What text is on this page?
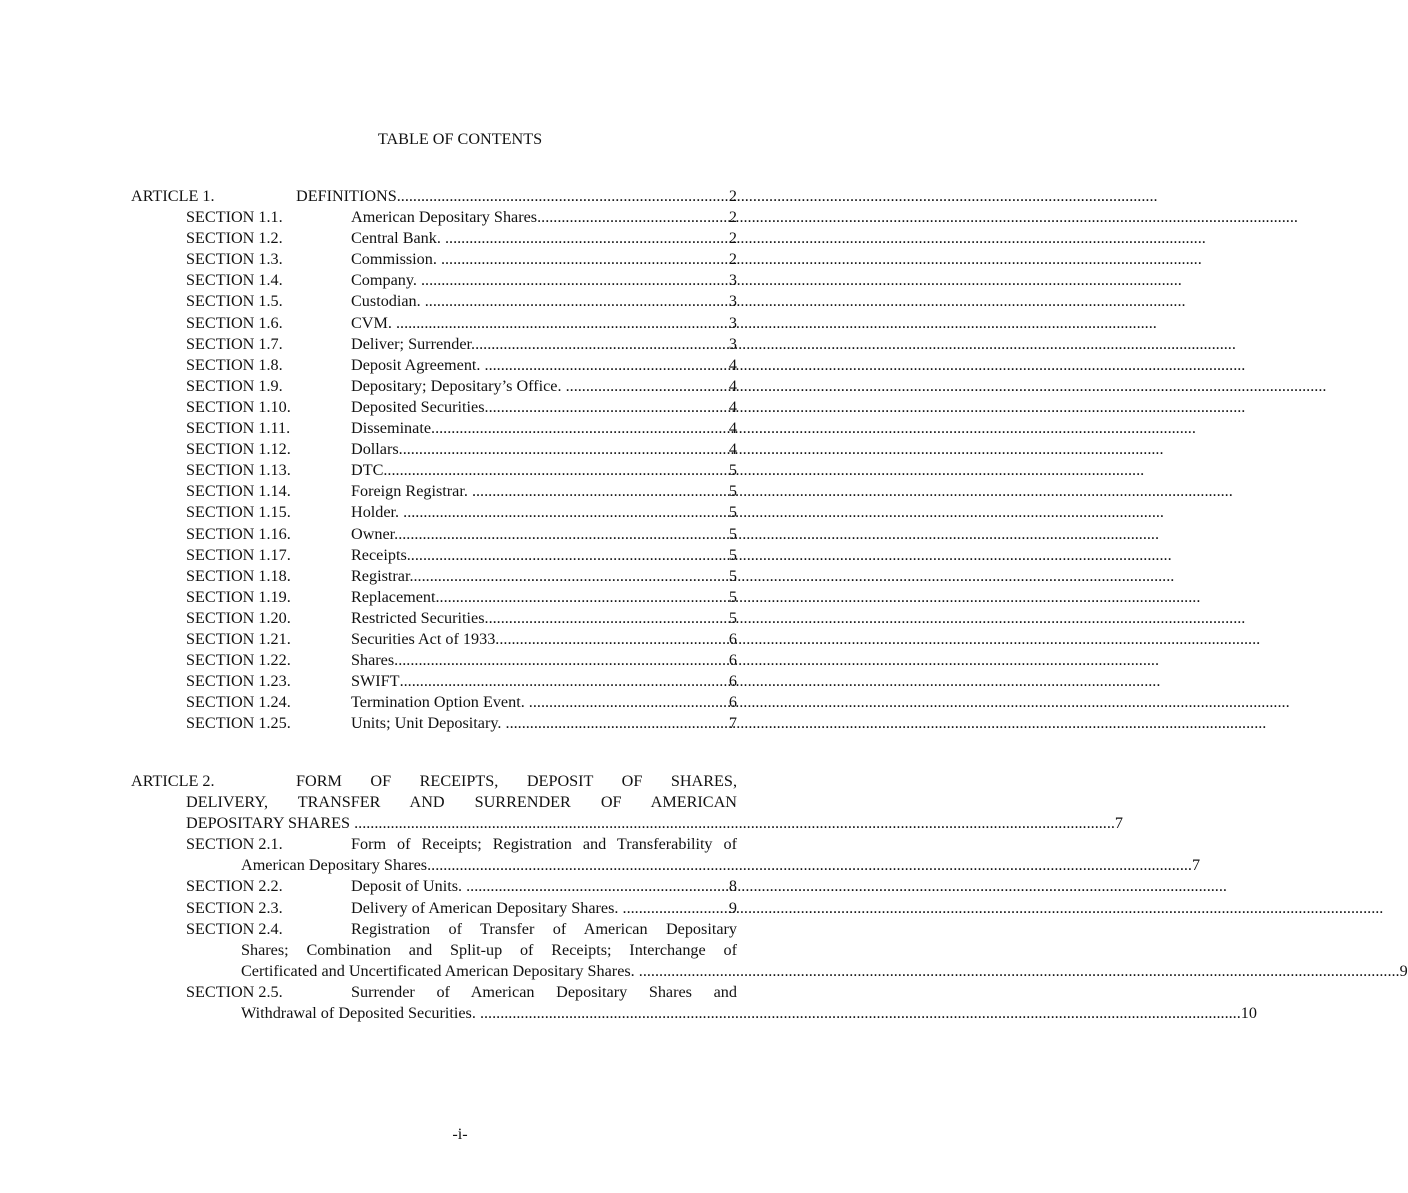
TABLE OF CONTENTS
ARTICLE 1.	DEFINITIONS .....	2
SECTION 1.1.	American Depositary Shares .....	2
SECTION 1.2.	Central Bank. .....	2
SECTION 1.3.	Commission. .....	2
SECTION 1.4.	Company. .....	3
SECTION 1.5.	Custodian. .....	3
SECTION 1.6.	CVM. .....	3
SECTION 1.7.	Deliver; Surrender. .....	3
SECTION 1.8.	Deposit Agreement. .....	4
SECTION 1.9.	Depositary; Depositary’s Office. .....	4
SECTION 1.10.	Deposited Securities .....	4
SECTION 1.11.	Disseminate. .....	4
SECTION 1.12.	Dollars. .....	4
SECTION 1.13.	DTC .....	5
SECTION 1.14.	Foreign Registrar. .....	5
SECTION 1.15.	Holder. .....	5
SECTION 1.16.	Owner. .....	5
SECTION 1.17.	Receipts. .....	5
SECTION 1.18.	Registrar. .....	5
SECTION 1.19.	Replacement. .....	5
SECTION 1.20.	Restricted Securities .....	5
SECTION 1.21.	Securities Act of 1933. .....	6
SECTION 1.22.	Shares. .....	6
SECTION 1.23.	SWIFT .....	6
SECTION 1.24.	Termination Option Event. .....	6
SECTION 1.25.	Units; Unit Depositary. .....	7
ARTICLE 2.	FORM OF RECEIPTS, DEPOSIT OF SHARES,
DELIVERY, TRANSFER AND SURRENDER OF AMERICAN
DEPOSITARY SHARES .....	7
SECTION 2.1.	Form of Receipts; Registration and Transferability of
American Depositary Shares. .....	7
SECTION 2.2.	Deposit of Units. .....	8
SECTION 2.3.	Delivery of American Depositary Shares. .....	9
SECTION 2.4.	Registration of Transfer of American Depositary
Shares; Combination and Split-up of Receipts; Interchange of
Certificated and Uncertificated American Depositary Shares. .....	9
SECTION 2.5.	Surrender of American Depositary Shares and
Withdrawal of Deposited Securities. .....	10
-i-
